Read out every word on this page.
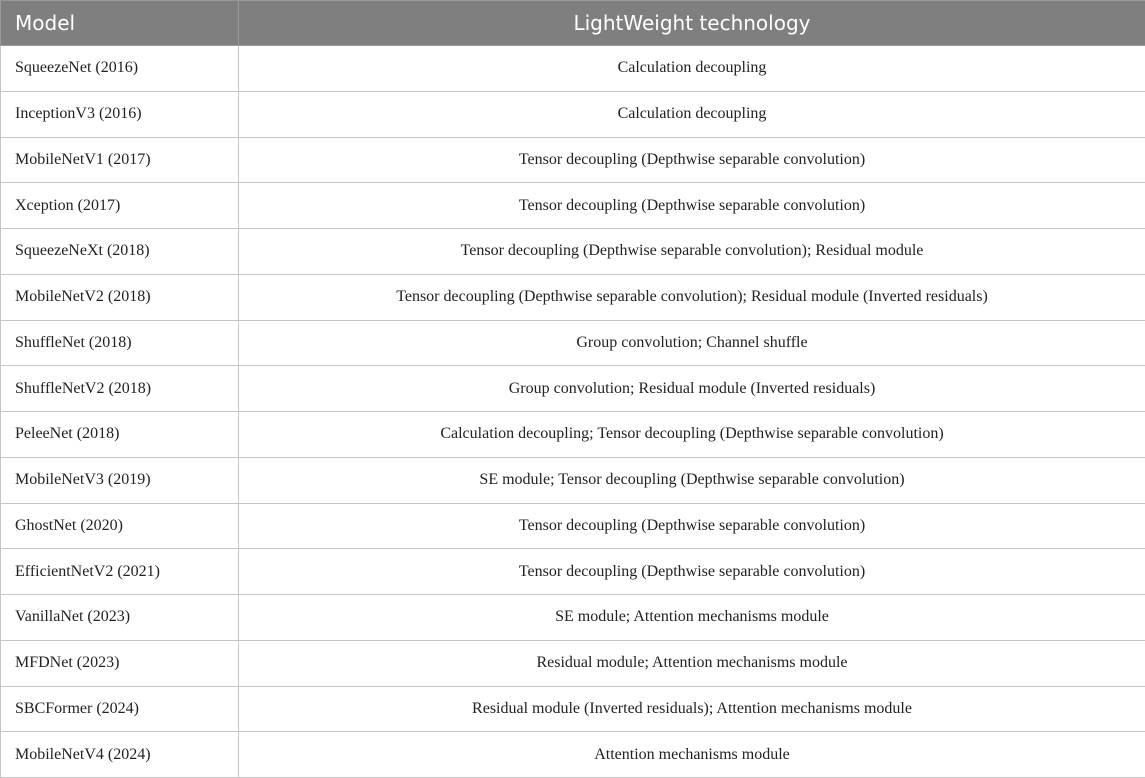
Model	LightWeight technology
SqueezeNet (2016)	Calculation decoupling
InceptionV3 (2016)	Calculation decoupling
MobileNetV1 (2017)	Tensor decoupling (Depthwise separable convolution)
Xception (2017)	Tensor decoupling (Depthwise separable convolution)
SqueezeNeXt (2018)	Tensor decoupling (Depthwise separable convolution); Residual module
MobileNetV2 (2018)	Tensor decoupling (Depthwise separable convolution); Residual module (Inverted residuals)
ShuffleNet (2018)	Group convolution; Channel shuffle
ShuffleNetV2 (2018)	Group convolution; Residual module (Inverted residuals)
PeleeNet (2018)	Calculation decoupling; Tensor decoupling (Depthwise separable convolution)
MobileNetV3 (2019)	SE module; Tensor decoupling (Depthwise separable convolution)
GhostNet (2020)	Tensor decoupling (Depthwise separable convolution)
EfficientNetV2 (2021)	Tensor decoupling (Depthwise separable convolution)
VanillaNet (2023)	SE module; Attention mechanisms module
MFDNet (2023)	Residual module; Attention mechanisms module
SBCFormer (2024)	Residual module (Inverted residuals); Attention mechanisms module
MobileNetV4 (2024)	Attention mechanisms module
